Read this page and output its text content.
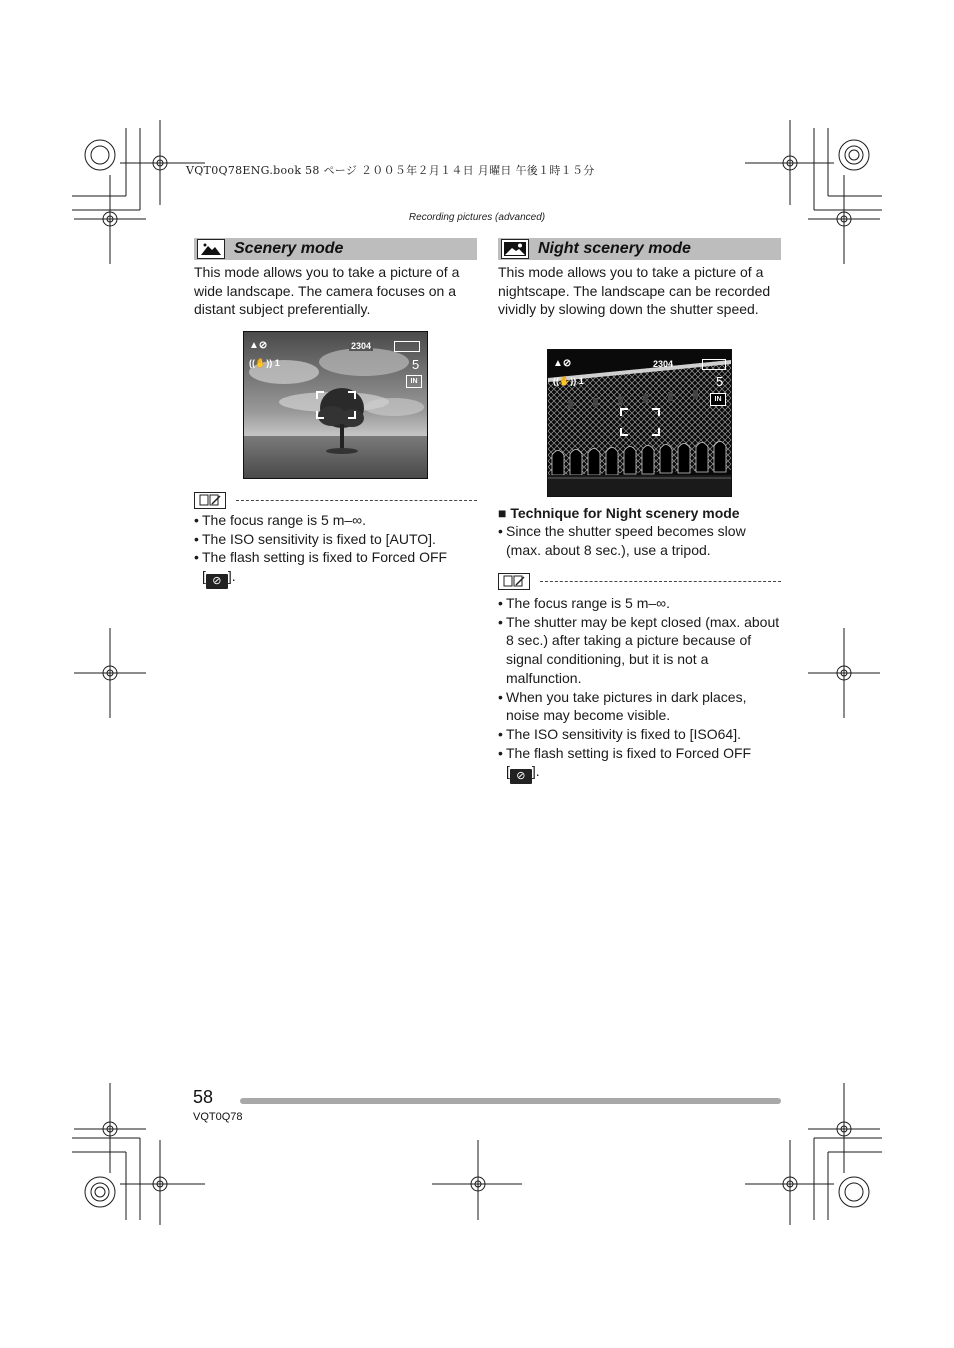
VQT0Q78ENG.book 58 ページ ２００５年２月１４日 月曜日 午後１時１５分
Recording pictures (advanced)
Scenery mode
This mode allows you to take a picture of a wide landscape. The camera focuses on a distant subject preferentially.
▲⊘
((✋)) 1
2304
5
IN
• The focus range is 5 m–∞.
• The ISO sensitivity is fixed to [AUTO].
• The flash setting is fixed to Forced OFF
[ ⊘ ].
Night scenery mode
This mode allows you to take a picture of a nightscape. The landscape can be recorded vividly by slowing down the shutter speed.
▲⊘
((✋)) 1
2304
5
IN
■ Technique for Night scenery mode
• Since the shutter speed becomes slow (max. about 8 sec.), use a tripod.
• The focus range is 5 m–∞.
• The shutter may be kept closed (max. about 8 sec.) after taking a picture because of signal conditioning, but it is not a malfunction.
• When you take pictures in dark places, noise may become visible.
• The ISO sensitivity is fixed to [ISO64].
• The flash setting is fixed to Forced OFF
[ ⊘ ].
58
VQT0Q78
